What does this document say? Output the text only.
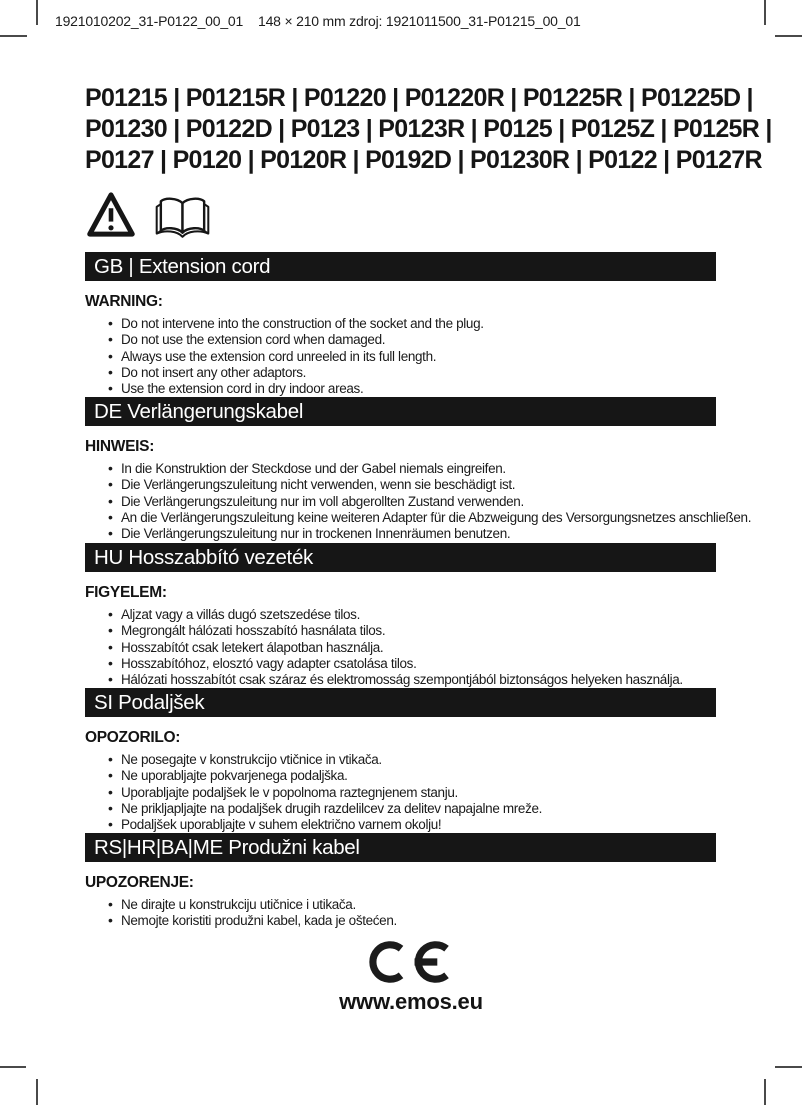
1921010202_31-P0122_00_01 148 × 210 mm zdroj: 1921011500_31-P01215_00_01
P01215 | P01215R | P01220 | P01220R | P01225R | P01225D |
P01230 | P0122D | P0123 | P0123R | P0125 | P0125Z | P0125R |
P0127 | P0120 | P0120R | P0192D | P01230R | P0122 | P0127R
GB | Extension cord
WARNING:
• Do not intervene into the construction of the socket and the plug.
• Do not use the extension cord when damaged.
• Always use the extension cord unreeled in its full length.
• Do not insert any other adaptors.
• Use the extension cord in dry indoor areas.
DE Verlängerungskabel
HINWEIS:
• In die Konstruktion der Steckdose und der Gabel niemals eingreifen.
• Die Verlängerungszuleitung nicht verwenden, wenn sie beschädigt ist.
• Die Verlängerungszuleitung nur im voll abgerollten Zustand verwenden.
• An die Verlängerungszuleitung keine weiteren Adapter für die Abzweigung des Versorgungsnetzes anschließen.
• Die Verlängerungszuleitung nur in trockenen Innenräumen benutzen.
HU Hosszabbító vezeték
FIGYELEM:
• Aljzat vagy a villás dugó szetszedése tilos.
• Megrongált hálózati hosszabító hasnálata tilos.
• Hosszabítót csak letekert álapotban használja.
• Hosszabítóhoz, elosztó vagy adapter csatolása tilos.
• Hálózati hosszabítót csak száraz és elektromosság szempontjából biztonságos helyeken használja.
SI Podaljšek
OPOZORILO:
• Ne posegajte v konstrukcijo vtičnice in vtikača.
• Ne uporabljajte pokvarjenega podaljška.
• Uporabljajte podaljšek le v popolnoma raztegnjenem stanju.
• Ne prikljapljajte na podaljšek drugih razdelilcev za delitev napajalne mreže.
• Podaljšek uporabljajte v suhem električno varnem okolju!
RS|HR|BA|ME Produžni kabel
UPOZORENJE:
• Ne dirajte u konstrukciju utičnice i utikača.
• Nemojte koristiti produžni kabel, kada je oštećen.
www.emos.eu
